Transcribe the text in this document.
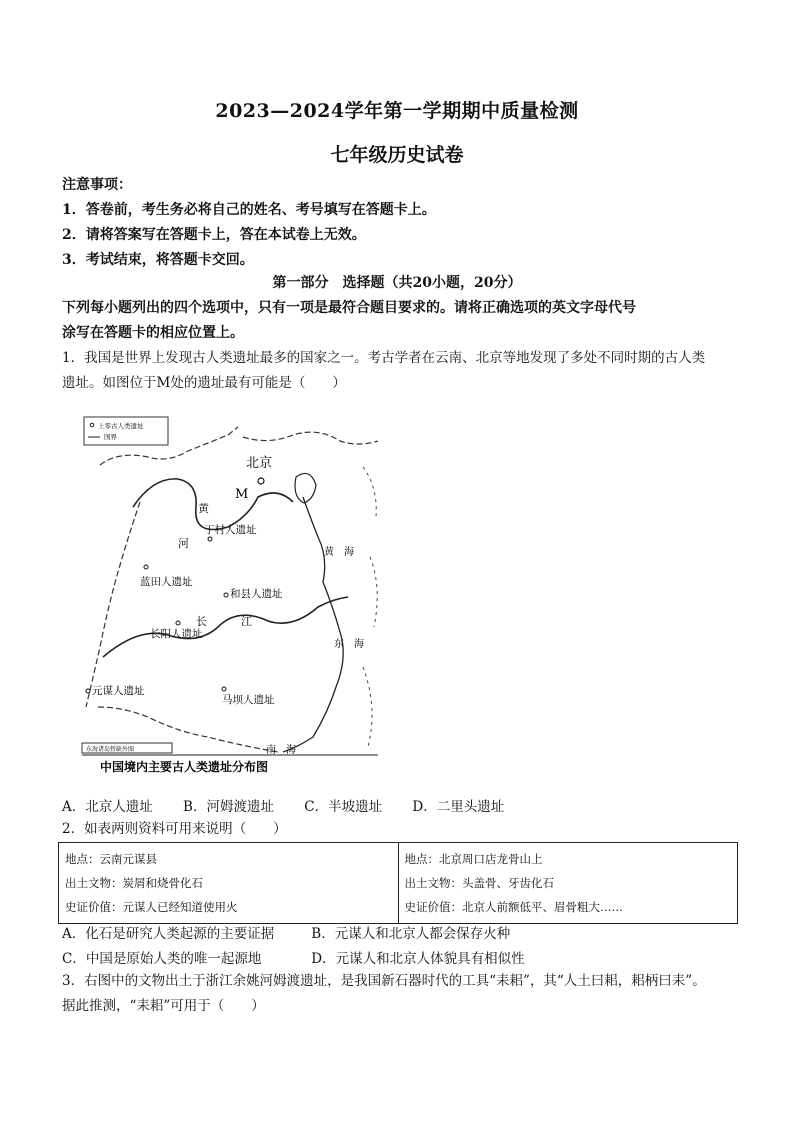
2023—2024学年第一学期期中质量检测
七年级历史试卷
注意事项：
1．答卷前，考生务必将自己的姓名、考号填写在答题卡上。
2．请将答案写在答题卡上，答在本试卷上无效。
3．考试结束，将答题卡交回。
第一部分　选择题（共20小题，20分）
下列每小题列出的四个选项中，只有一项是最符合题目要求的。请将正确选项的英文字母代号
涂写在答题卡的相应位置上。
1．我国是世界上发现古人类遗址最多的国家之一。考古学者在云南、北京等地发现了多处不同时期的古人类
遗址。如图位于M处的遗址最有可能是（　　）
上零古人类遗址
国界
北京
M
黄
河
丁村人遗址
黄　海
蓝田人遗址
和县人遗址
长	江
长阳人遗址
东　海
元谋人遗址
马坝人遗址
南　海
东海诸岛暂缺外图
中国境内主要古人类遗址分布图
A．北京人遗址 B．河姆渡遗址 C．半坡遗址 D．二里头遗址
2．如表两则资料可用来说明（　　）
地点：云南元谋县
出土文物：炭屑和烧骨化石
史证价值：元谋人已经知道使用火

地点：北京周口店龙骨山上
出土文物：头盖骨、牙齿化石
史证价值：北京人前额低平、眉骨粗大……
A．化石是研究人类起源的主要证据	B．元谋人和北京人都会保存火种
C．中国是原始人类的唯一起源地	D．元谋人和北京人体貌具有相似性
3．右图中的文物出土于浙江余姚河姆渡遗址，是我国新石器时代的工具“耒耜”，其“人土曰耜，耜柄曰耒”。
据此推测，“耒耜”可用于（　　）
